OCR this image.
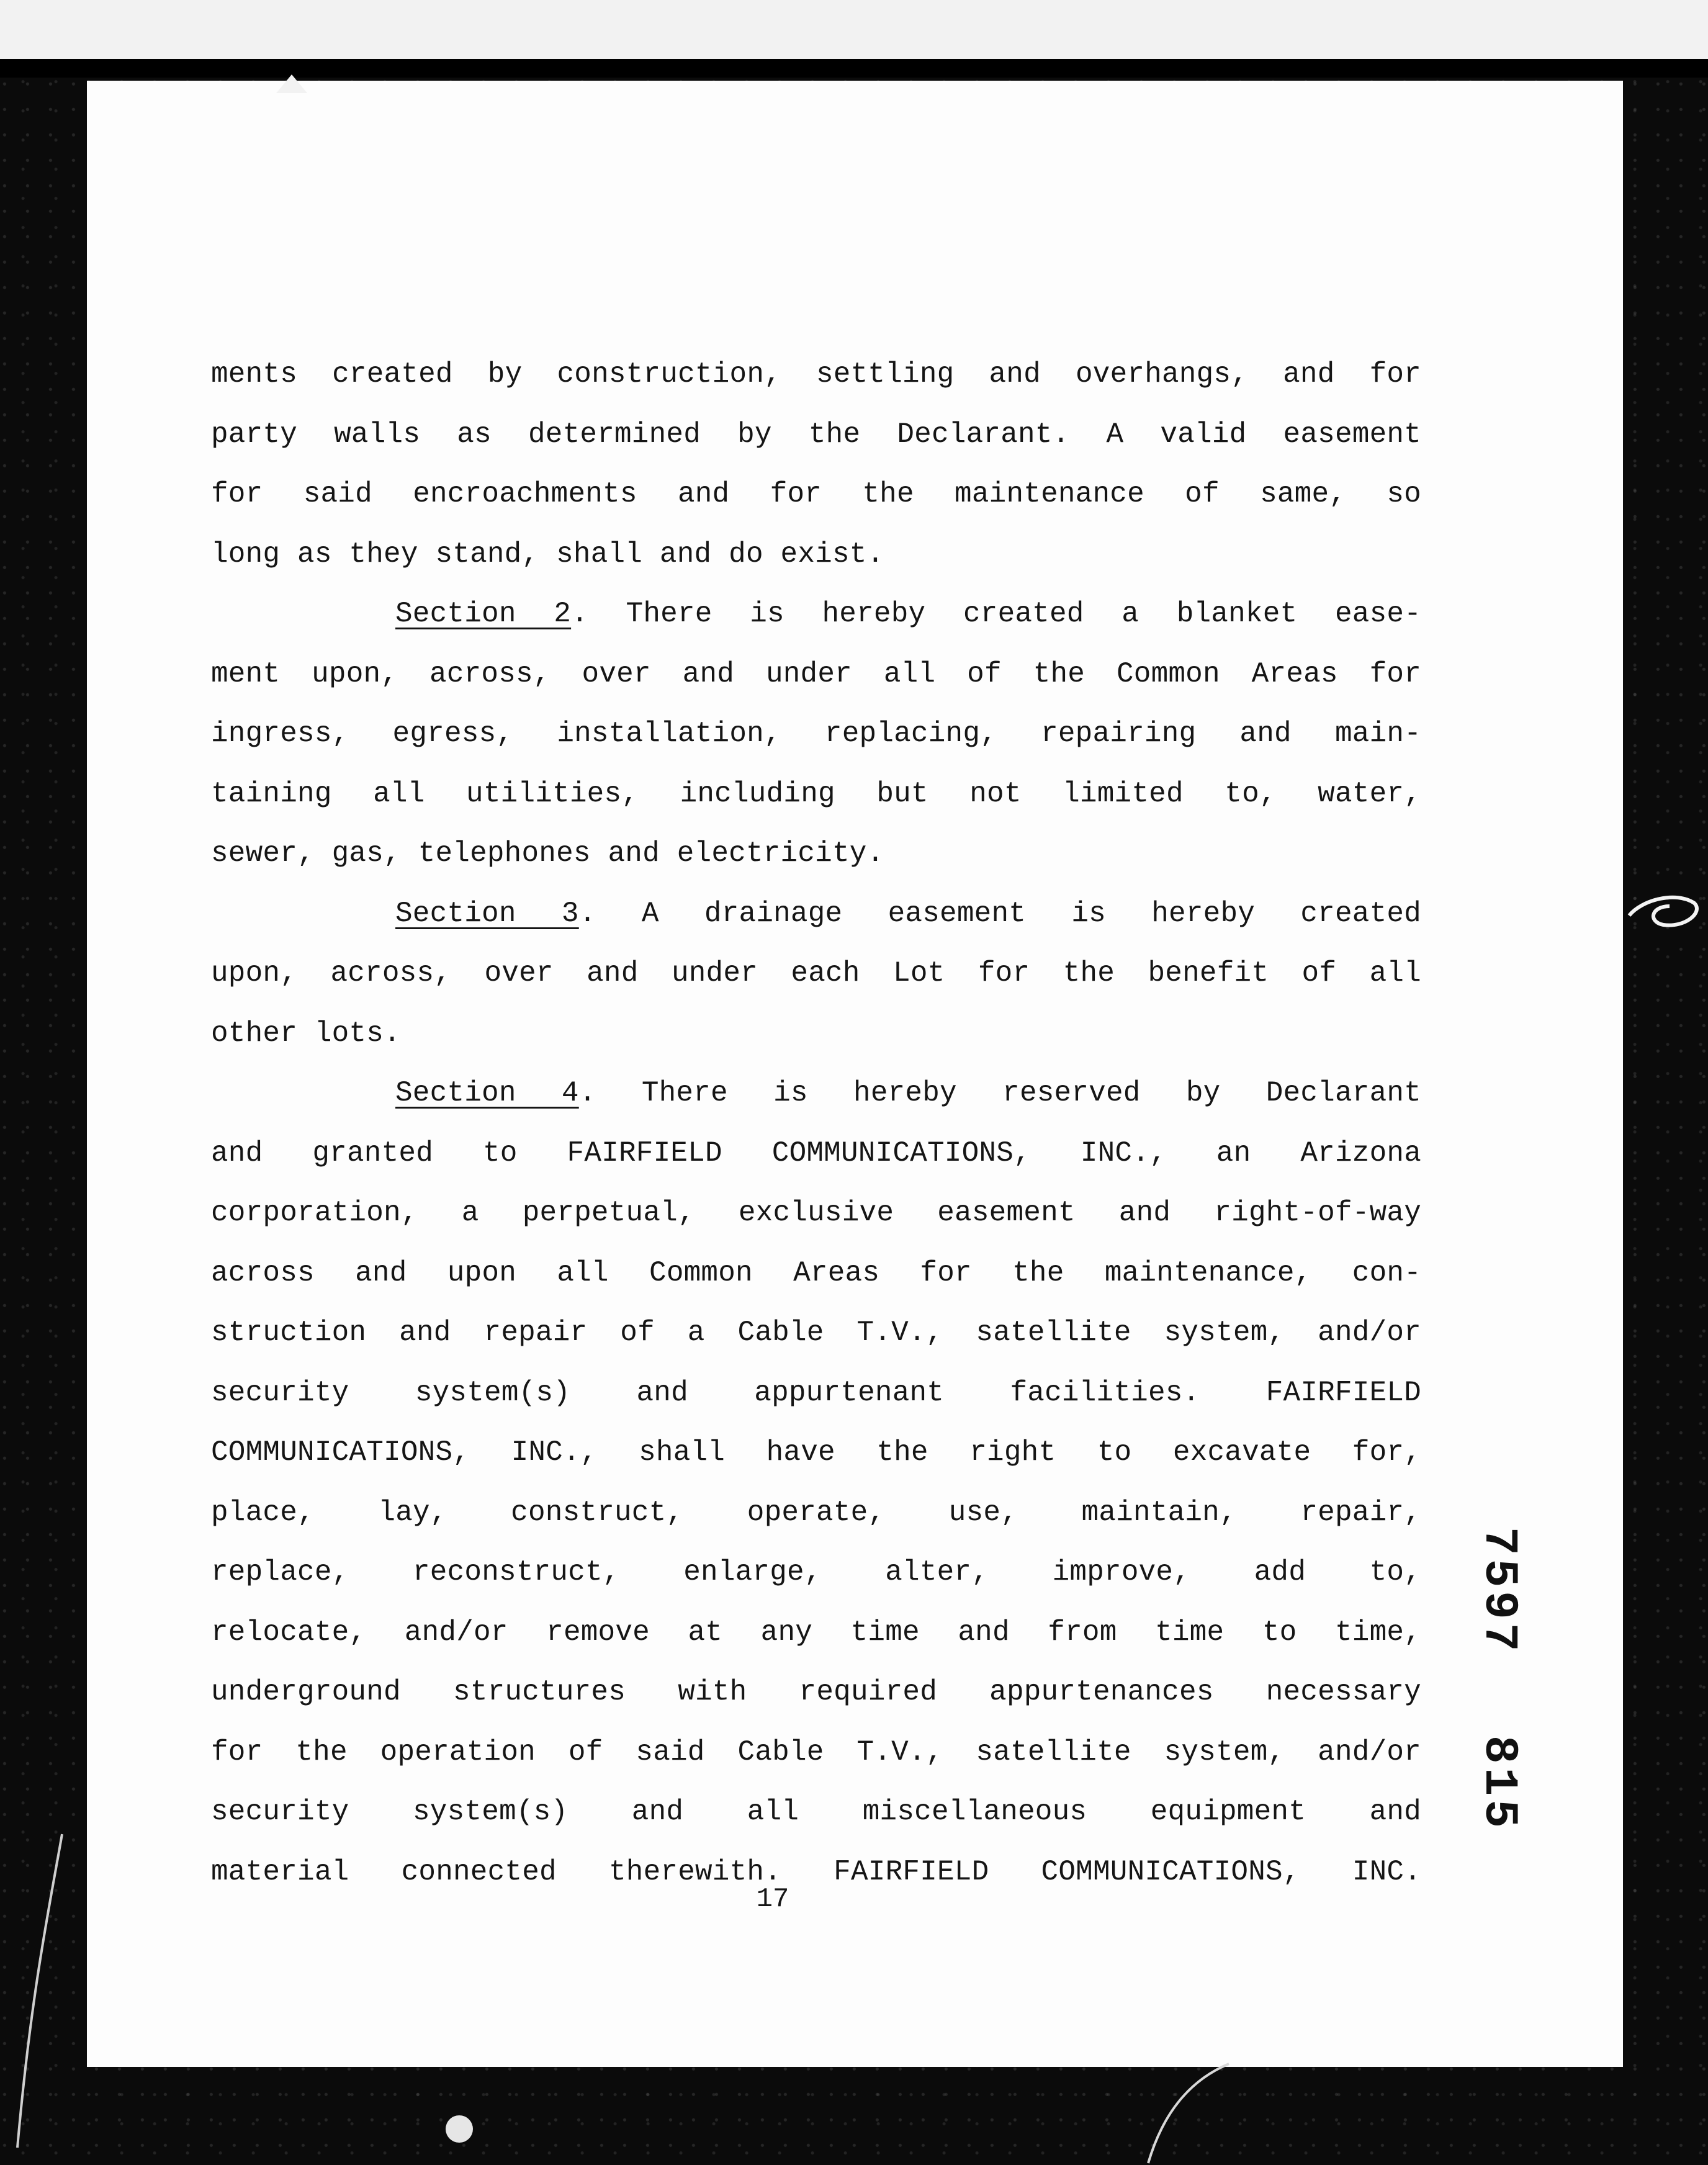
ments created by construction, settling and overhangs, and for
party walls as determined by the Declarant. A valid easement
for said encroachments and for the maintenance of same, so
long as they stand, shall and do exist.
Section 2. There is hereby created a blanket ease-
ment upon, across, over and under all of the Common Areas for
ingress, egress, installation, replacing, repairing and main-
taining all utilities, including but not limited to, water,
sewer, gas, telephones and electricity.
Section 3. A drainage easement is hereby created
upon, across, over and under each Lot for the benefit of all
other lots.
Section 4. There is hereby reserved by Declarant
and granted to FAIRFIELD COMMUNICATIONS, INC., an Arizona
corporation, a perpetual, exclusive easement and right-of-way
across and upon all Common Areas for the maintenance, con-
struction and repair of a Cable T.V., satellite system, and/or
security system(s) and appurtenant facilities. FAIRFIELD
COMMUNICATIONS, INC., shall have the right to excavate for,
place, lay, construct, operate, use, maintain, repair,
replace, reconstruct, enlarge, alter, improve, add to,
relocate, and/or remove at any time and from time to time,
underground structures with required appurtenances necessary
for the operation of said Cable T.V., satellite system, and/or
security system(s) and all miscellaneous equipment and
material connected therewith. FAIRFIELD COMMUNICATIONS, INC.
17
7597
815
